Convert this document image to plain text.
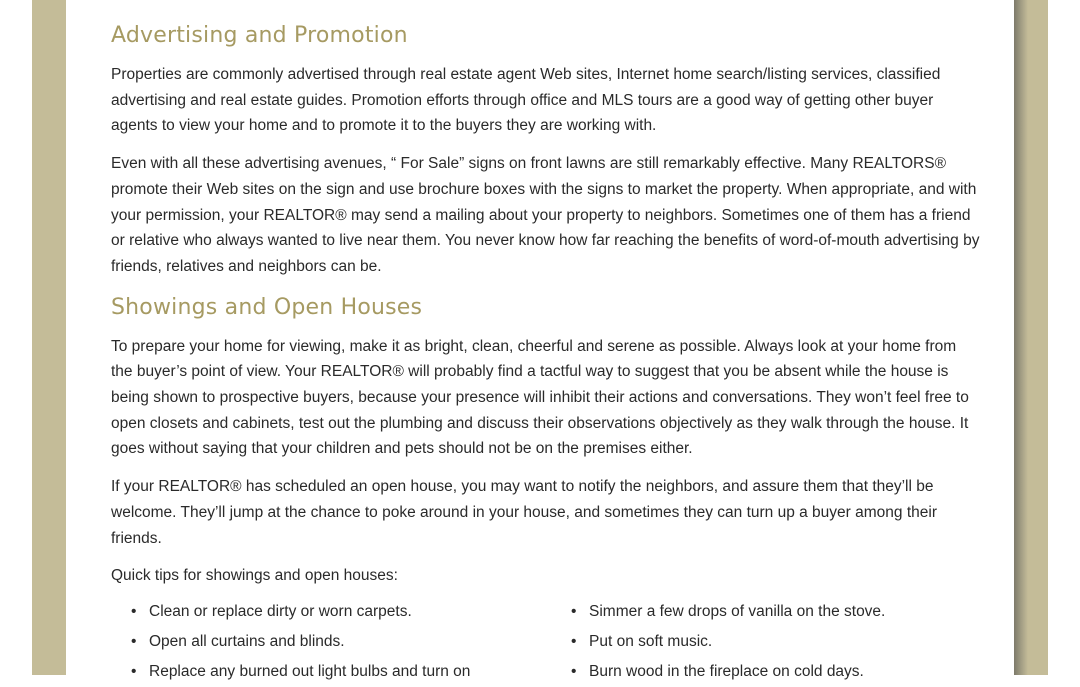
Advertising and Promotion

Properties are commonly advertised through real estate agent Web sites, Internet home search/listing services, classified advertising and real estate guides. Promotion efforts through office and MLS tours are a good way of getting other buyer agents to view your home and to promote it to the buyers they are working with.

Even with all these advertising avenues, “ For Sale” signs on front lawns are still remarkably effective. Many REALTORS® promote their Web sites on the sign and use brochure boxes with the signs to market the property. When appropriate, and with your permission, your REALTOR® may send a mailing about your property to neighbors. Sometimes one of them has a friend or relative who always wanted to live near them. You never know how far reaching the benefits of word-of-mouth advertising by friends, relatives and neighbors can be.

Showings and Open Houses

To prepare your home for viewing, make it as bright, clean, cheerful and serene as possible. Always look at your home from the buyer’s point of view. Your REALTOR® will probably find a tactful way to suggest that you be absent while the house is being shown to prospective buyers, because your presence will inhibit their actions and conversations. They won’t feel free to open closets and cabinets, test out the plumbing and discuss their observations objectively as they walk through the house. It goes without saying that your children and pets should not be on the premises either.

If your REALTOR® has scheduled an open house, you may want to notify the neighbors, and assure them that they’ll be welcome. They’ll jump at the chance to poke around in your house, and sometimes they can turn up a buyer among their friends.

Quick tips for showings and open houses:

• Clean or replace dirty or worn carpets.
• Open all curtains and blinds.
• Replace any burned out light bulbs and turn on
• Simmer a few drops of vanilla on the stove.
• Put on soft music.
• Burn wood in the fireplace on cold days.
